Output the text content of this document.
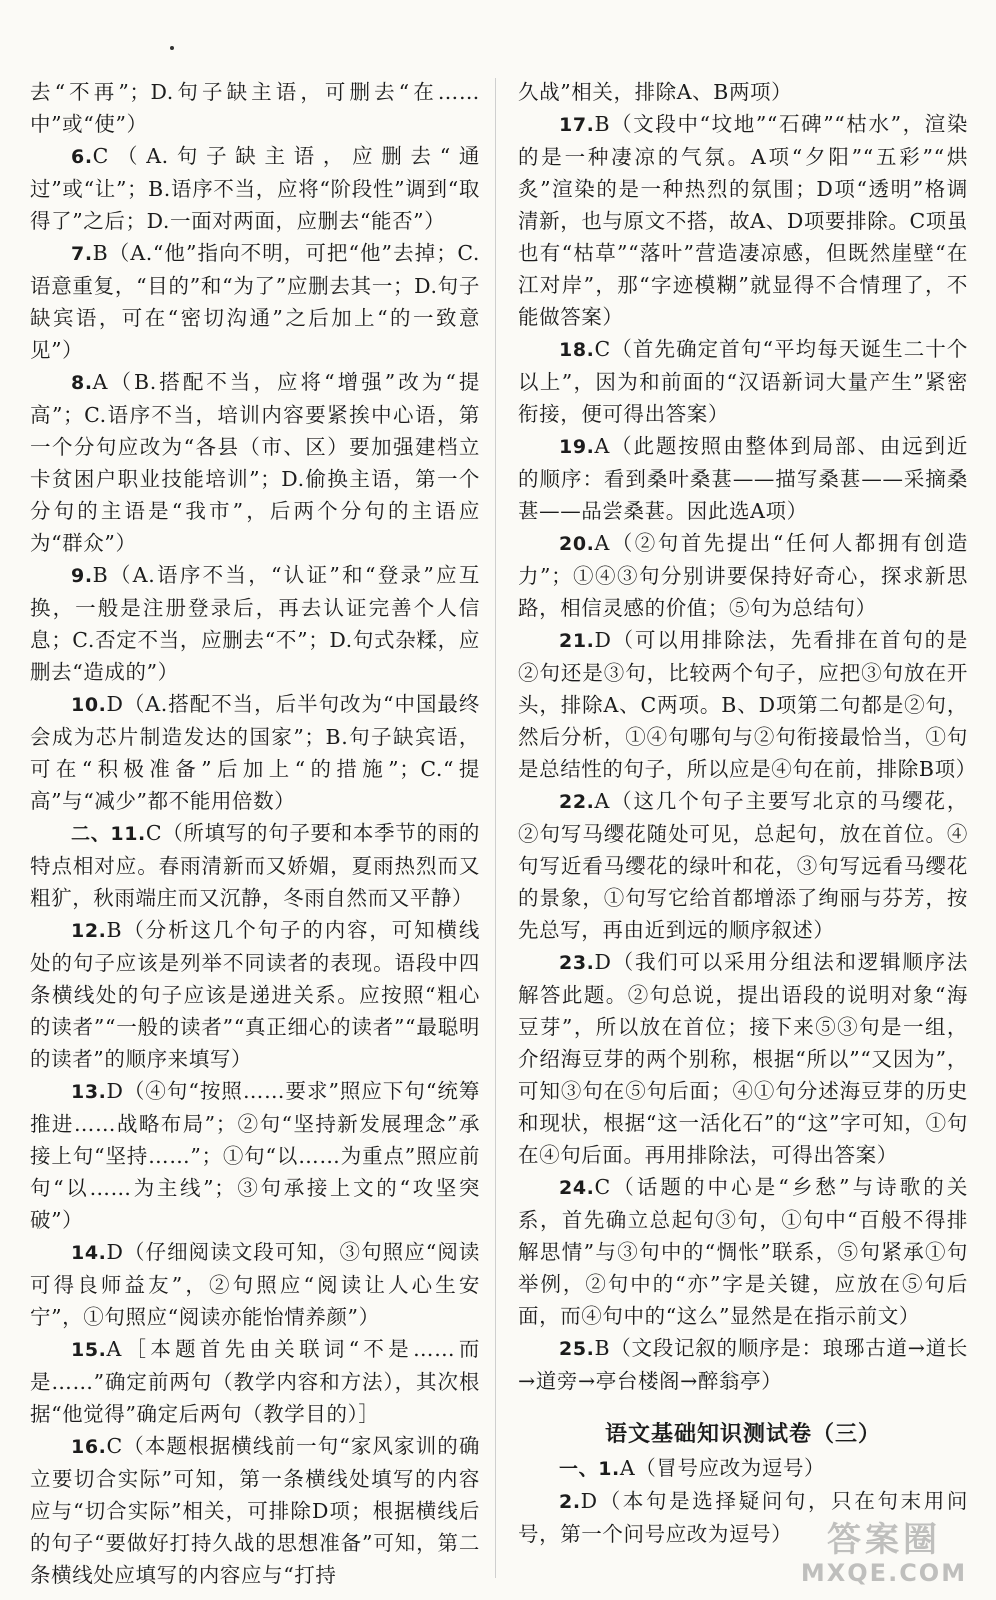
去“不再”；D.句子缺主语，可删去“在……中”或“使”）

6.C（A.句子缺主语，应删去“通过”或“让”；B.语序不当，应将“阶段性”调到“取得了”之后；D.一面对两面，应删去“能否”）

7.B（A.“他”指向不明，可把“他”去掉；C.语意重复，“目的”和“为了”应删去其一；D.句子缺宾语，可在“密切沟通”之后加上“的一致意见”）

8.A（B.搭配不当，应将“增强”改为“提高”；C.语序不当，培训内容要紧挨中心语，第一个分句应改为“各县（市、区）要加强建档立卡贫困户职业技能培训”；D.偷换主语，第一个分句的主语是“我市”，后两个分句的主语应为“群众”）

9.B（A.语序不当，“认证”和“登录”应互换，一般是注册登录后，再去认证完善个人信息；C.否定不当，应删去“不”；D.句式杂糅，应删去“造成的”）

10.D（A.搭配不当，后半句改为“中国最终会成为芯片制造发达的国家”；B.句子缺宾语，可在“积极准备”后加上“的措施”；C.“提高”与“减少”都不能用倍数）

二、11.C（所填写的句子要和本季节的雨的特点相对应。春雨清新而又娇媚，夏雨热烈而又粗犷，秋雨端庄而又沉静，冬雨自然而又平静）

12.B（分析这几个句子的内容，可知横线处的句子应该是列举不同读者的表现。语段中四条横线处的句子应该是递进关系。应按照“粗心的读者”“一般的读者”“真正细心的读者”“最聪明的读者”的顺序来填写）

13.D（④句“按照……要求”照应下句“统筹推进……战略布局”；②句“坚持新发展理念”承接上句“坚持……”；①句“以……为重点”照应前句“以……为主线”；③句承接上文的“攻坚突破”）

14.D（仔细阅读文段可知，③句照应“阅读可得良师益友”，②句照应“阅读让人心生安宁”，①句照应“阅读亦能怡情养颜”）

15.A［本题首先由关联词“不是……而是……”确定前两句（教学内容和方法），其次根据“他觉得”确定后两句（教学目的）］

16.C（本题根据横线前一句“家风家训的确立要切合实际”可知，第一条横线处填写的内容应与“切合实际”相关，可排除D项；根据横线后的句子“要做好打持久战的思想准备”可知，第二条横线处应填写的内容应与“打持

久战”相关，排除A、B两项）

17.B（文段中“坟地”“石碑”“枯水”，渲染的是一种凄凉的气氛。A项“夕阳”“五彩”“烘炙”渲染的是一种热烈的氛围；D项“透明”格调清新，也与原文不搭，故A、D项要排除。C项虽也有“枯草”“落叶”营造凄凉感，但既然崖壁“在江对岸”，那“字迹模糊”就显得不合情理了，不能做答案）

18.C（首先确定首句“平均每天诞生二十个以上”，因为和前面的“汉语新词大量产生”紧密衔接，便可得出答案）

19.A（此题按照由整体到局部、由远到近的顺序：看到桑叶桑葚——描写桑葚——采摘桑葚——品尝桑葚。因此选A项）

20.A（②句首先提出“任何人都拥有创造力”；①④③句分别讲要保持好奇心，探求新思路，相信灵感的价值；⑤句为总结句）

21.D（可以用排除法，先看排在首句的是②句还是③句，比较两个句子，应把③句放在开头，排除A、C两项。B、D项第二句都是②句，然后分析，①④句哪句与②句衔接最恰当，①句是总结性的句子，所以应是④句在前，排除B项）

22.A（这几个句子主要写北京的马缨花，②句写马缨花随处可见，总起句，放在首位。④句写近看马缨花的绿叶和花，③句写远看马缨花的景象，①句写它给首都增添了绚丽与芬芳，按先总写，再由近到远的顺序叙述）

23.D（我们可以采用分组法和逻辑顺序法解答此题。②句总说，提出语段的说明对象“海豆芽”，所以放在首位；接下来⑤③句是一组，介绍海豆芽的两个别称，根据“所以”“又因为”，可知③句在⑤句后面；④①句分述海豆芽的历史和现状，根据“这一活化石”的“这”字可知，①句在④句后面。再用排除法，可得出答案）

24.C（话题的中心是“乡愁”与诗歌的关系，首先确立总起句③句，①句中“百般不得排解思情”与③句中的“惆怅”联系，⑤句紧承①句举例，②句中的“亦”字是关键，应放在⑤句后面，而④句中的“这么”显然是在指示前文）

25.B（文段记叙的顺序是：琅琊古道→道长→道旁→亭台楼阁→醉翁亭）

语文基础知识测试卷（三）

一、1.A（冒号应改为逗号）

2.D（本句是选择疑问句，只在句末用问号，第一个问号应改为逗号）	答案圈
MXQE.COM
